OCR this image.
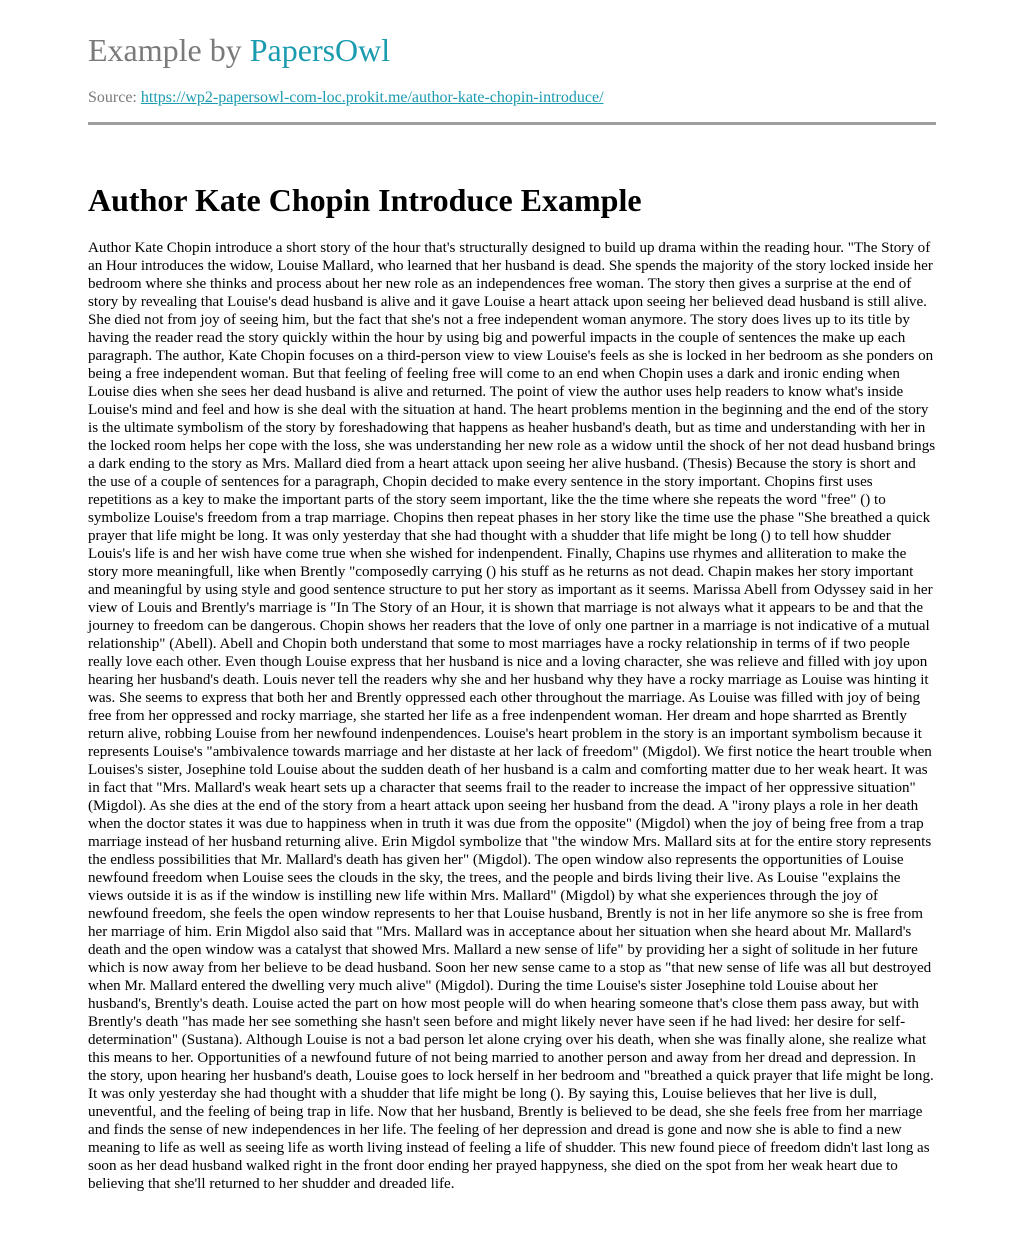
Example by PapersOwl
Source: https://wp2-papersowl-com-loc.prokit.me/author-kate-chopin-introduce/
Author Kate Chopin Introduce Example

Author Kate Chopin introduce a short story of the hour that's structurally designed to build up drama within the reading hour. "The Story of an Hour introduces the widow, Louise Mallard, who learned that her husband is dead. She spends the majority of the story locked inside her bedroom where she thinks and process about her new role as an independences free woman. The story then gives a surprise at the end of story by revealing that Louise's dead husband is alive and it gave Louise a heart attack upon seeing her believed dead husband is still alive. She died not from joy of seeing him, but the fact that she's not a free independent woman anymore. The story does lives up to its title by having the reader read the story quickly within the hour by using big and powerful impacts in the couple of sentences the make up each paragraph. The author, Kate Chopin focuses on a third-person view to view Louise's feels as she is locked in her bedroom as she ponders on being a free independent woman. But that feeling of feeling free will come to an end when Chopin uses a dark and ironic ending when Louise dies when she sees her dead husband is alive and returned. The point of view the author uses help readers to know what's inside Louise's mind and feel and how is she deal with the situation at hand. The heart problems mention in the beginning and the end of the story is the ultimate symbolism of the story by foreshadowing that happens as heaher husband's death, but as time and understanding with her in the locked room helps her cope with the loss, she was understanding her new role as a widow until the shock of her not dead husband brings a dark ending to the story as Mrs. Mallard died from a heart attack upon seeing her alive husband. (Thesis) Because the story is short and the use of a couple of sentences for a paragraph, Chopin decided to make every sentence in the story important. Chopins first uses repetitions as a key to make the important parts of the story seem important, like the the time where she repeats the word "free" () to symbolize Louise's freedom from a trap marriage. Chopins then repeat phases in her story like the time use the phase "She breathed a quick prayer that life might be long. It was only yesterday that she had thought with a shudder that life might be long () to tell how shudder Louis's life is and her wish have come true when she wished for indenpendent. Finally, Chapins use rhymes and alliteration to make the story more meaningfull, like when Brently "composedly carrying () his stuff as he returns as not dead. Chapin makes her story important and meaningful by using style and good sentence structure to put her story as important as it seems. Marissa Abell from Odyssey said in her view of Louis and Brently's marriage is "In The Story of an Hour, it is shown that marriage is not always what it appears to be and that the journey to freedom can be dangerous. Chopin shows her readers that the love of only one partner in a marriage is not indicative of a mutual relationship" (Abell). Abell and Chopin both understand that some to most marriages have a rocky relationship in terms of if two people really love each other. Even though Louise express that her husband is nice and a loving character, she was relieve and filled with joy upon hearing her husband's death. Louis never tell the readers why she and her husband why they have a rocky marriage as Louise was hinting it was. She seems to express that both her and Brently oppressed each other throughout the marriage. As Louise was filled with joy of being free from her oppressed and rocky marriage, she started her life as a free indenpendent woman. Her dream and hope sharrted as Brently return alive, robbing Louise from her newfound indenpendences. Louise's heart problem in the story is an important symbolism because it represents Louise's "ambivalence towards marriage and her distaste at her lack of freedom" (Migdol). We first notice the heart trouble when Louises's sister, Josephine told Louise about the sudden death of her husband is a calm and comforting matter due to her weak heart. It was in fact that "Mrs. Mallard's weak heart sets up a character that seems frail to the reader to increase the impact of her oppressive situation" (Migdol). As she dies at the end of the story from a heart attack upon seeing her husband from the dead. A "irony plays a role in her death when the doctor states it was due to happiness when in truth it was due from the opposite" (Migdol) when the joy of being free from a trap marriage instead of her husband returning alive. Erin Migdol symbolize that "the window Mrs. Mallard sits at for the entire story represents the endless possibilities that Mr. Mallard's death has given her" (Migdol). The open window also represents the opportunities of Louise newfound freedom when Louise sees the clouds in the sky, the trees, and the people and birds living their live. As Louise "explains the views outside it is as if the window is instilling new life within Mrs. Mallard" (Migdol) by what she experiences through the joy of newfound freedom, she feels the open window represents to her that Louise husband, Brently is not in her life anymore so she is free from her marriage of him. Erin Migdol also said that "Mrs. Mallard was in acceptance about her situation when she heard about Mr. Mallard's death and the open window was a catalyst that showed Mrs. Mallard a new sense of life" by providing her a sight of solitude in her future which is now away from her believe to be dead husband. Soon her new sense came to a stop as "that new sense of life was all but destroyed when Mr. Mallard entered the dwelling very much alive" (Migdol). During the time Louise's sister Josephine told Louise about her husband's, Brently's death. Louise acted the part on how most people will do when hearing someone that's close them pass away, but with Brently's death "has made her see something she hasn't seen before and might likely never have seen if he had lived: her desire for self-determination" (Sustana). Although Louise is not a bad person let alone crying over his death, when she was finally alone, she realize what this means to her. Opportunities of a newfound future of not being married to another person and away from her dread and depression. In the story, upon hearing her husband's death, Louise goes to lock herself in her bedroom and "breathed a quick prayer that life might be long. It was only yesterday she had thought with a shudder that life might be long (). By saying this, Louise believes that her live is dull, uneventful, and the feeling of being trap in life. Now that her husband, Brently is believed to be dead, she she feels free from her marriage and finds the sense of new independences in her life. The feeling of her depression and dread is gone and now she is able to find a new meaning to life as well as seeing life as worth living instead of feeling a life of shudder. This new found piece of freedom didn't last long as soon as her dead husband walked right in the front door ending her prayed happyness, she died on the spot from her weak heart due to believing that she'll returned to her shudder and dreaded life.
